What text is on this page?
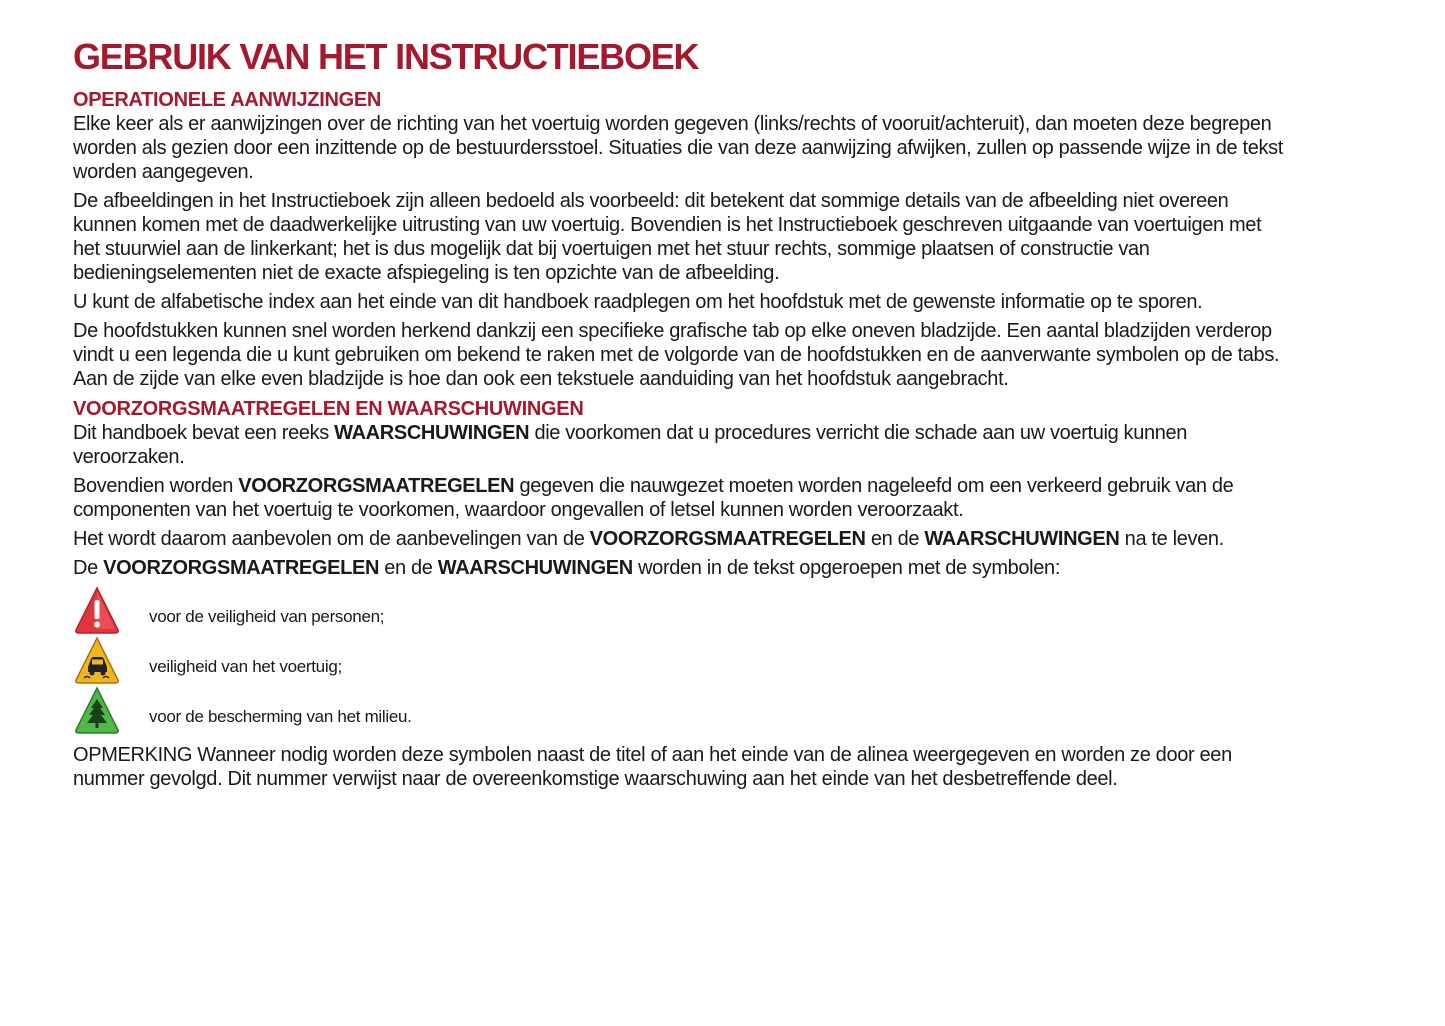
GEBRUIK VAN HET INSTRUCTIEBOEK
OPERATIONELE AANWIJZINGEN

Elke keer als er aanwijzingen over de richting van het voertuig worden gegeven (links/rechts of vooruit/achteruit), dan moeten deze begrepen worden als gezien door een inzittende op de bestuurdersstoel. Situaties die van deze aanwijzing afwijken, zullen op passende wijze in de tekst worden aangegeven.

De afbeeldingen in het Instructieboek zijn alleen bedoeld als voorbeeld: dit betekent dat sommige details van de afbeelding niet overeen kunnen komen met de daadwerkelijke uitrusting van uw voertuig. Bovendien is het Instructieboek geschreven uitgaande van voertuigen met het stuurwiel aan de linkerkant; het is dus mogelijk dat bij voertuigen met het stuur rechts, sommige plaatsen of constructie van bedieningselementen niet de exacte afspiegeling is ten opzichte van de afbeelding.

U kunt de alfabetische index aan het einde van dit handboek raadplegen om het hoofdstuk met de gewenste informatie op te sporen.

De hoofdstukken kunnen snel worden herkend dankzij een specifieke grafische tab op elke oneven bladzijde. Een aantal bladzijden verderop vindt u een legenda die u kunt gebruiken om bekend te raken met de volgorde van de hoofdstukken en de aanverwante symbolen op de tabs. Aan de zijde van elke even bladzijde is hoe dan ook een tekstuele aanduiding van het hoofdstuk aangebracht.

VOORZORGSMAATREGELEN EN WAARSCHUWINGEN

Dit handboek bevat een reeks WAARSCHUWINGEN die voorkomen dat u procedures verricht die schade aan uw voertuig kunnen veroorzaken.

Bovendien worden VOORZORGSMAATREGELEN gegeven die nauwgezet moeten worden nageleefd om een verkeerd gebruik van de componenten van het voertuig te voorkomen, waardoor ongevallen of letsel kunnen worden veroorzaakt.

Het wordt daarom aanbevolen om de aanbevelingen van de VOORZORGSMAATREGELEN en de WAARSCHUWINGEN na te leven.

De VOORZORGSMAATREGELEN en de WAARSCHUWINGEN worden in de tekst opgeroepen met de symbolen:

voor de veiligheid van personen;
veiligheid van het voertuig;
voor de bescherming van het milieu.

OPMERKING Wanneer nodig worden deze symbolen naast de titel of aan het einde van de alinea weergegeven en worden ze door een nummer gevolgd. Dit nummer verwijst naar de overeenkomstige waarschuwing aan het einde van het desbetreffende deel.
